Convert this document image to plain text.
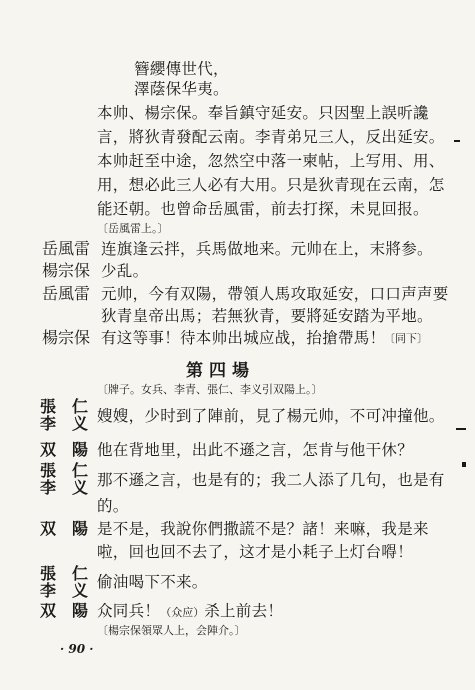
簪纓傳世代，
澤蔭保华夷。
本帅、楊宗保。奉旨鎮守延安。只因聖上誤听讒
言，將狄青發配云南。李青弟兄三人，反出延安。
本帅赶至中途，忽然空中落一柬帖，上写用、用、
用，想必此三人必有大用。只是狄青现在云南，怎
能还朝。也曾命岳風雷，前去打探，未見回报。
〔岳風雷上。〕
岳風雷 连旗逢云拌，兵馬做地来。元帅在上，末將参。
楊宗保 少乱。
岳風雷 元帅，今有双陽，帶領人馬攻取延安，口口声声要
狄青皇帝出馬；若無狄青，要將延安踏为平地。
楊宗保 有这等事！待本帅出城应战，抬搶帶馬！
〔同下〕
第四場
〔牌子。女兵、李青、張仁、李义引双陽上。〕
張　仁
李　义 嫂嫂，少时到了陣前，見了楊元帅，不可冲撞他。
双　陽 他在背地里，出此不遜之言，怎肯与他干休？
張　仁
李　义 那不遜之言，也是有的；我二人添了几句，也是有
的。
双　陽 是不是，我說你們撒謊不是？諸！来嘛，我是来
啦，回也回不去了，这才是小耗子上灯台嘚！
張　仁
李　义 偷油喝下不来。
双　陽 众同兵！（众应）杀上前去！
〔楊宗保領眾人上，会陣介。〕
· 90 ·
